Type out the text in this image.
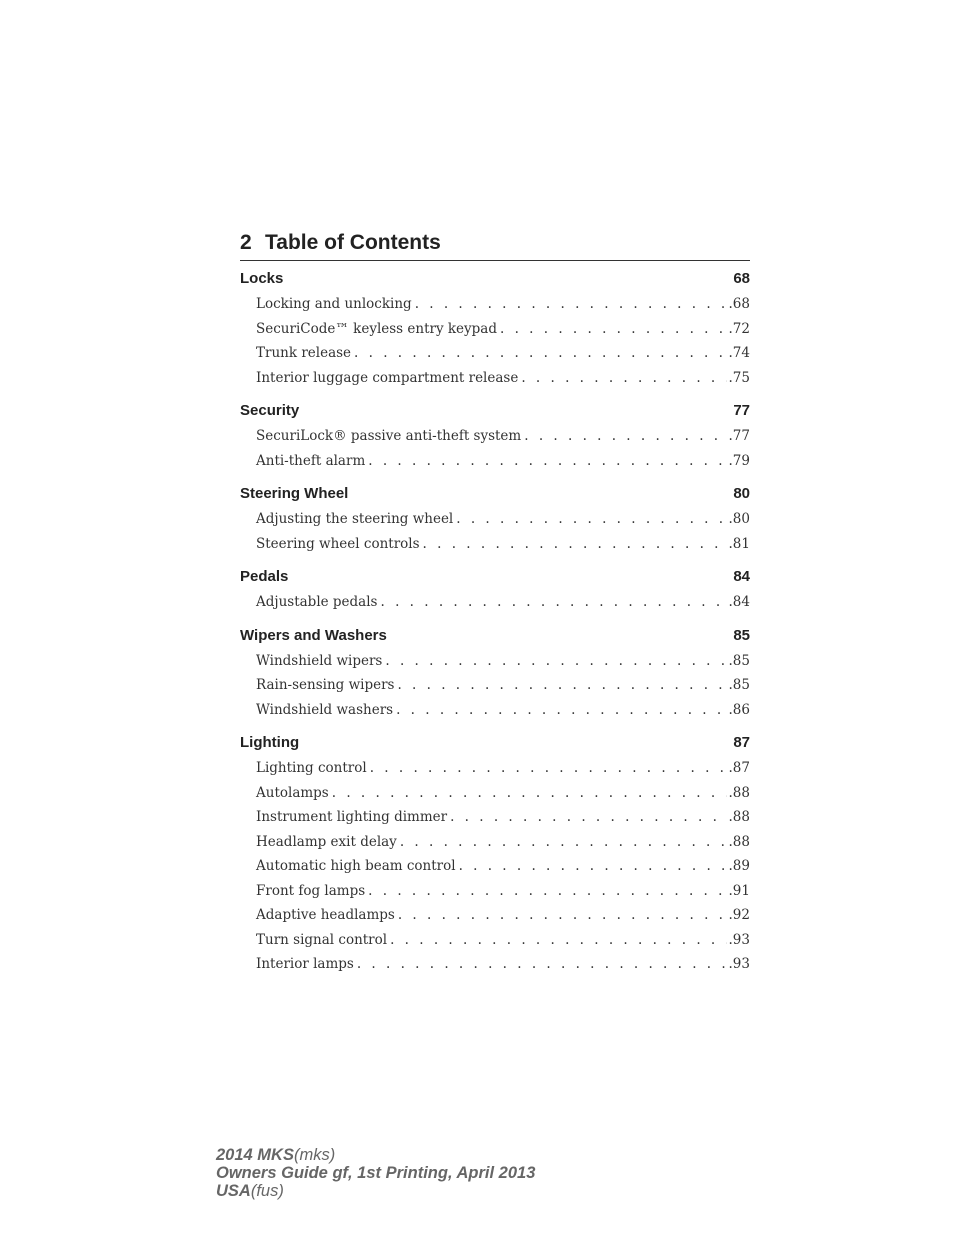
2 Table of Contents
Locks	68
Locking and unlocking . . .	.68
SecuriCode™ keyless entry keypad . . .	.72
Trunk release . . .	.74
Interior luggage compartment release . . .	.75
Security	77
SecuriLock® passive anti-theft system . . .	.77
Anti-theft alarm . . .	.79
Steering Wheel	80
Adjusting the steering wheel . . .	.80
Steering wheel controls . . .	.81
Pedals	84
Adjustable pedals . . .	.84
Wipers and Washers	85
Windshield wipers . . .	.85
Rain-sensing wipers . . .	.85
Windshield washers . . .	.86
Lighting	87
Lighting control . . .	.87
Autolamps . . .	.88
Instrument lighting dimmer . . .	.88
Headlamp exit delay . . .	.88
Automatic high beam control . . .	.89
Front fog lamps . . .	.91
Adaptive headlamps . . .	.92
Turn signal control . . .	.93
Interior lamps . . .	.93
2014 MKS(mks)
Owners Guide gf, 1st Printing, April 2013
USA(fus)
